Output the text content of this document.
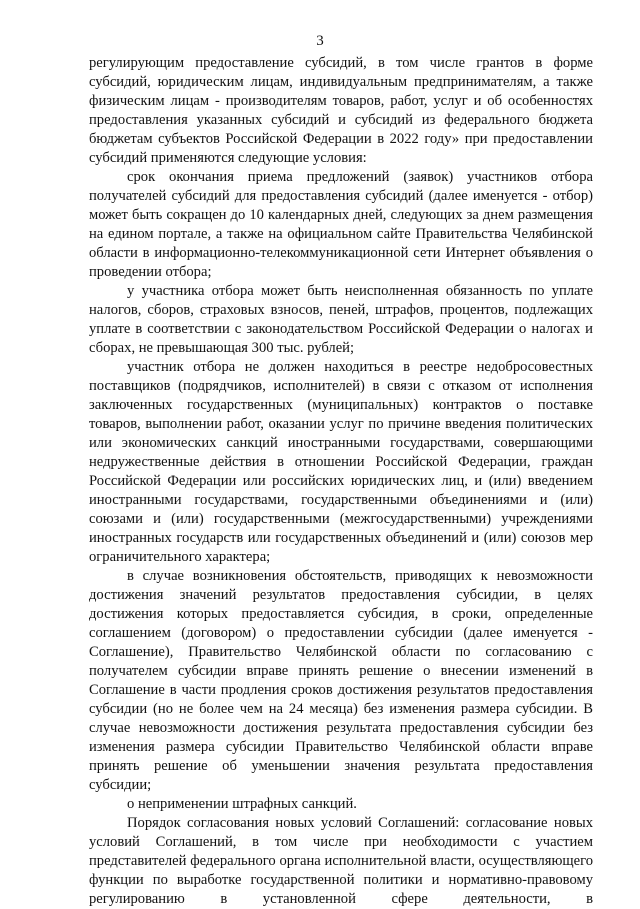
3

регулирующим предоставление субсидий, в том числе грантов в форме субсидий, юридическим лицам, индивидуальным предпринимателям, а также физическим лицам - производителям товаров, работ, услуг и об особенностях предоставления указанных субсидий и субсидий из федерального бюджета бюджетам субъектов Российской Федерации в 2022 году» при предоставлении субсидий применяются следующие условия:

срок окончания приема предложений (заявок) участников отбора получателей субсидий для предоставления субсидий (далее именуется - отбор) может быть сокращен до 10 календарных дней, следующих за днем размещения на едином портале, а также на официальном сайте Правительства Челябинской области в информационно-телекоммуникационной сети Интернет объявления о проведении отбора;

у участника отбора может быть неисполненная обязанность по уплате налогов, сборов, страховых взносов, пеней, штрафов, процентов, подлежащих уплате в соответствии с законодательством Российской Федерации о налогах и сборах, не превышающая 300 тыс. рублей;

участник отбора не должен находиться в реестре недобросовестных поставщиков (подрядчиков, исполнителей) в связи с отказом от исполнения заключенных государственных (муниципальных) контрактов о поставке товаров, выполнении работ, оказании услуг по причине введения политических или экономических санкций иностранными государствами, совершающими недружественные действия в отношении Российской Федерации, граждан Российской Федерации или российских юридических лиц, и (или) введением иностранными государствами, государственными объединениями и (или) союзами и (или) государственными (межгосударственными) учреждениями иностранных государств или государственных объединений и (или) союзов мер ограничительного характера;

в случае возникновения обстоятельств, приводящих к невозможности достижения значений результатов предоставления субсидии, в целях достижения которых предоставляется субсидия, в сроки, определенные соглашением (договором) о предоставлении субсидии (далее именуется - Соглашение), Правительство Челябинской области по согласованию с получателем субсидии вправе принять решение о внесении изменений в Соглашение в части продления сроков достижения результатов предоставления субсидии (но не более чем на 24 месяца) без изменения размера субсидии. В случае невозможности достижения результата предоставления субсидии без изменения размера субсидии Правительство Челябинской области вправе принять решение об уменьшении значения результата предоставления субсидии;

о неприменении штрафных санкций.

Порядок согласования новых условий Соглашений: согласование новых условий Соглашений, в том числе при необходимости с участием представителей федерального органа исполнительной власти, осуществляющего функции по выработке государственной политики и нормативно-правовому регулированию в установленной сфере деятельности, в
